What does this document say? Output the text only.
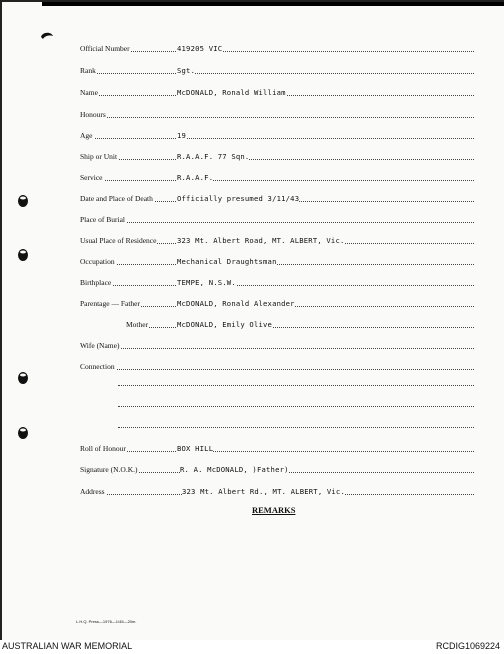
Official Number	419205 VIC
Rank	Sgt.
Name	McDONALD, Ronald William
Honours
Age	19
Ship or Unit	R.A.A.F. 77 Sqn.
Service	R.A.A.F.
Date and Place of Death	Officially presumed 3/11/43
Place of Burial
Usual Place of Residence	323 Mt. Albert Road, MT. ALBERT, Vic.
Occupation	Mechanical Draughtsman
Birthplace	TEMPE, N.S.W.
Parentage — Father	McDONALD, Ronald Alexander
Mother	McDONALD, Emily Olive
Wife (Name)
Connection
Roll of Honour	BOX HILL
Signature (N.O.K.)	R. A. McDONALD, )Father)
Address	323 Mt. Albert Rd., MT. ALBERT, Vic.
REMARKS
L.H.Q. Press—1976—1/45—20m.
AUSTRALIAN WAR MEMORIAL	RCDIG1069224
